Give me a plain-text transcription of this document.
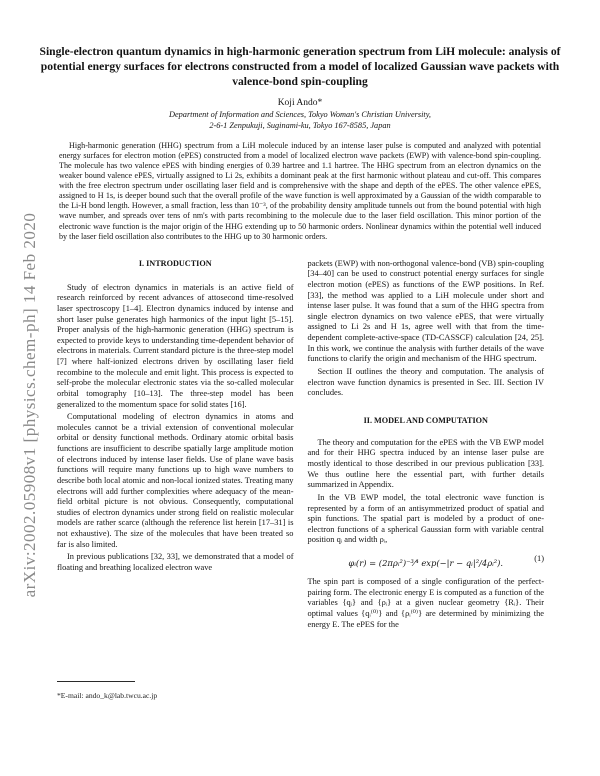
arXiv:2002.05908v1 [physics.chem-ph] 14 Feb 2020
Single-electron quantum dynamics in high-harmonic generation spectrum from LiH molecule: analysis of potential energy surfaces for electrons constructed from a model of localized Gaussian wave packets with valence-bond spin-coupling
Koji Ando*
Department of Information and Sciences, Tokyo Woman's Christian University,
2-6-1 Zenpukuji, Suginami-ku, Tokyo 167-8585, Japan
High-harmonic generation (HHG) spectrum from a LiH molecule induced by an intense laser pulse is computed and analyzed with potential energy surfaces for electron motion (ePES) constructed from a model of localized electron wave packets (EWP) with valence-bond spin-coupling. The molecule has two valence ePES with binding energies of 0.39 hartree and 1.1 hartree. The HHG spectrum from an electron dynamics on the weaker bound valence ePES, virtually assigned to Li 2s, exhibits a dominant peak at the first harmonic without plateau and cut-off. This compares with the free electron spectrum under oscillating laser field and is comprehensive with the shape and depth of the ePES. The other valence ePES, assigned to H 1s, is deeper bound such that the overall profile of the wave function is well approximated by a Gaussian of the width comparable to the Li-H bond length. However, a small fraction, less than 10⁻³, of the probability density amplitude tunnels out from the bound potential with high wave number, and spreads over tens of nm's with parts recombining to the molecule due to the laser field oscillation. This minor portion of the electronic wave function is the major origin of the HHG extending up to 50 harmonic orders. Nonlinear dynamics within the potential well induced by the laser field oscillation also contributes to the HHG up to 30 harmonic orders.
I. INTRODUCTION

Study of electron dynamics in materials is an active field of research reinforced by recent advances of attosecond time-resolved laser spectroscopy [1–4]. Electron dynamics induced by intense and short laser pulse generates high harmonics of the input light [5–15]. Proper analysis of the high-harmonic generation (HHG) spectrum is expected to provide keys to understanding time-dependent behavior of electrons in materials. Current standard picture is the three-step model [7] where half-ionized electrons driven by oscillating laser field recombine to the molecule and emit light. This process is expected to self-probe the molecular electronic states via the so-called molecular orbital tomography [10–13]. The three-step model has been generalized to the momentum space for solid states [16].

Computational modeling of electron dynamics in atoms and molecules cannot be a trivial extension of conventional molecular orbital or density functional methods. Ordinary atomic orbital basis functions are insufficient to describe spatially large amplitude motion of electrons induced by intense laser fields. Use of plane wave basis functions will require many functions up to high wave numbers to describe both local atomic and non-local ionized states. Treating many electrons will add further complexities where adequacy of the mean-field orbital picture is not obvious. Consequently, computational studies of electron dynamics under strong field on realistic molecular models are rather scarce (although the reference list herein [17–31] is not exhaustive). The size of the molecules that have been treated so far is also limited.

In previous publications [32, 33], we demonstrated that a model of floating and breathing localized electron wave

packets (EWP) with non-orthogonal valence-bond (VB) spin-coupling [34–40] can be used to construct potential energy surfaces for single electron motion (ePES) as functions of the EWP positions. In Ref. [33], the method was applied to a LiH molecule under short and intense laser pulse. It was found that a sum of the HHG spectra from single electron dynamics on two valence ePES, that were virtually assigned to Li 2s and H 1s, agree well with that from the time-dependent complete-active-space (TD-CASSCF) calculation [24, 25]. In this work, we continue the analysis with further details of the wave functions to clarify the origin and mechanism of the HHG spectrum.

Section II outlines the theory and computation. The analysis of electron wave function dynamics is presented in Sec. III. Section IV concludes.

II. MODEL AND COMPUTATION

The theory and computation for the ePES with the VB EWP model and for their HHG spectra induced by an intense laser pulse are mostly identical to those described in our previous publication [33]. We thus outline here the essential part, with further details summarized in Appendix.

In the VB EWP model, the total electronic wave function is represented by a form of an antisymmetrized product of spatial and spin functions. The spatial part is modeled by a product of one-electron functions of a spherical Gaussian form with variable central position qᵢ and width ρᵢ,

φᵢ(r) = (2πρᵢ²)⁻³⁄⁴ exp(−|r − qᵢ|²/4ρᵢ²).	(1)

The spin part is composed of a single configuration of the perfect-pairing form. The electronic energy E is computed as a function of the variables {qᵢ} and {ρᵢ} at a given nuclear geometry {Rᵢ}. Their optimal values {qᵢ⁽⁰⁾} and {ρᵢ⁽⁰⁾} are determined by minimizing the energy E. The ePES for the

*E-mail: ando_k@lab.twcu.ac.jp
